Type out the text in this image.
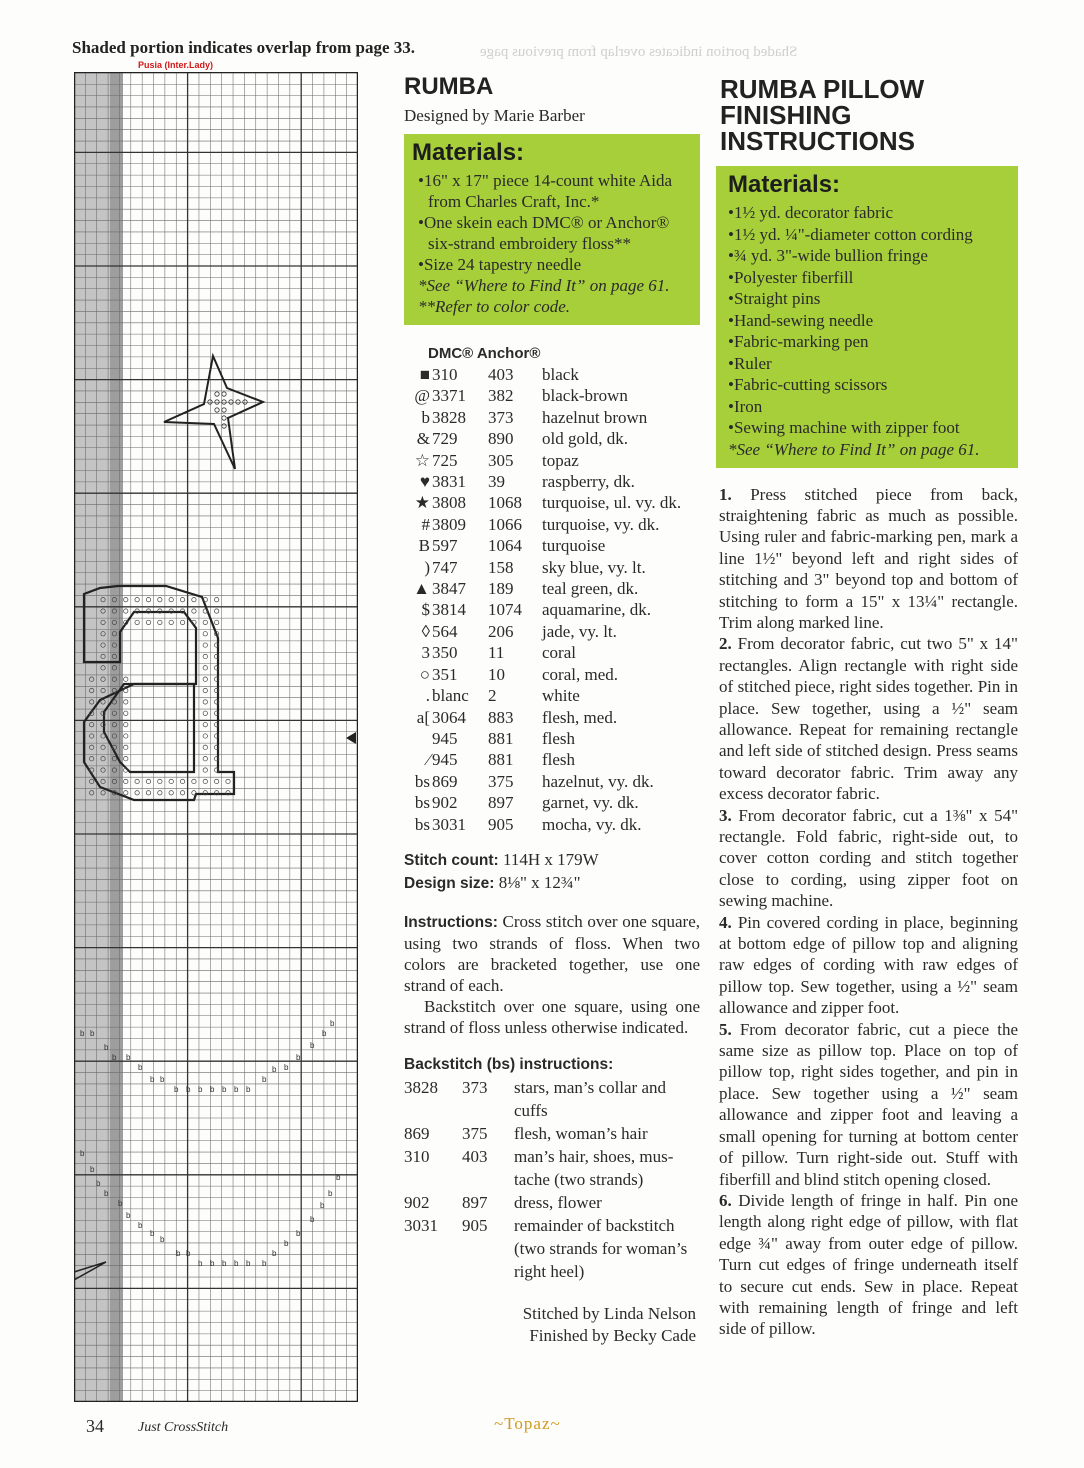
Shaded portion indicates overlap from page 33.
Pusia (Inter.Lady)
Shaded portion indicates overlap from previous page
b b
b
b b
b
b b
b b b b b b b
b
b b
b
b
b
b
b
b
b
b
b
b
b
b
b
b b
b b b b b b
b
b
b
b
b
b
b
RUMBA
Designed by Marie Barber
Materials:
•16" x 17" piece 14-count white Aida from Charles Craft, Inc.*
•One skein each DMC® or Anchor® six-strand embroidery floss**
•Size 24 tapestry needle
*See “Where to Find It” on page 61.
**Refer to color code.
DMC® Anchor®
■	310	403	black
@	3371	382	black-brown
b	3828	373	hazelnut brown
&	729	890	old gold, dk.
☆	725	305	topaz
♥	3831	39	raspberry, dk.
★	3808	1068	turquoise, ul. vy. dk.
#	3809	1066	turquoise, vy. dk.
B	597	1064	turquoise
)	747	158	sky blue, vy. lt.
▲	3847	189	teal green, dk.
$	3814	1074	aquamarine, dk.
◊	564	206	jade, vy. lt.
3	350	11	coral
○	351	10	coral, med.
.	blanc	2	white
a[	3064	883	flesh, med.
	945	881	flesh
∕	945	881	flesh
bs	869	375	hazelnut, vy. dk.
bs	902	897	garnet, vy. dk.
bs	3031	905	mocha, vy. dk.
Stitch count: 114H x 179W
Design size: 8⅛" x 12¾"

Instructions: Cross stitch over one square, using two strands of floss. When two colors are bracketed together, use one strand of each.

Backstitch over one square, using one strand of floss unless otherwise indicated.

Backstitch (bs) instructions:
3828	373	stars, man’s collar and cuffs
869	375	flesh, woman’s hair
310	403	man’s hair, shoes, mus-tache (two strands)
902	897	dress, flower
3031	905	remainder of backstitch (two strands for woman’s right heel)
Stitched by Linda Nelson
Finished by Becky Cade
RUMBA PILLOW
FINISHING
INSTRUCTIONS
Materials:
•1½ yd. decorator fabric
•1½ yd. ¼"-diameter cotton cording
•¾ yd. 3"-wide bullion fringe
•Polyester fiberfill
•Straight pins
•Hand-sewing needle
•Fabric-marking pen
•Ruler
•Fabric-cutting scissors
•Iron
•Sewing machine with zipper foot
*See “Where to Find It” on page 61.

1. Press stitched piece from back, straightening fabric as much as possible. Using ruler and fabric-marking pen, mark a line 1½" beyond left and right sides of stitching and 3" beyond top and bottom of stitching to form a 15" x 13¼" rectangle. Trim along marked line.

2. From decorator fabric, cut two 5" x 14" rectangles. Align rectangle with right side of stitched piece, right sides together. Pin in place. Sew together, using a ½" seam allowance. Repeat for remaining rectangle and left side of stitched design. Press seams toward decorator fabric. Trim away any excess decorator fabric.

3. From decorator fabric, cut a 1⅜" x 54" rectangle. Fold fabric, right-side out, to cover cotton cording and stitch together close to cording, using zipper foot on sewing machine.

4. Pin covered cording in place, beginning at bottom edge of pillow top and aligning raw edges of cording with raw edges of pillow top. Sew together, using a ½" seam allowance and zipper foot.

5. From decorator fabric, cut a piece the same size as pillow top. Place on top of pillow top, right sides together, and pin in place. Sew together using a ½" seam allowance and zipper foot and leaving a small opening for turning at bottom center of pillow. Turn right-side out. Stuff with fiberfill and blind stitch opening closed.

6. Divide length of fringe in half. Pin one length along right edge of pillow, with flat edge ¾" away from outer edge of pillow. Turn cut edges of fringe underneath itself to secure cut ends. Sew in place. Repeat with remaining length of fringe and left side of pillow.

34 Just CrossStitch	~Topaz~
